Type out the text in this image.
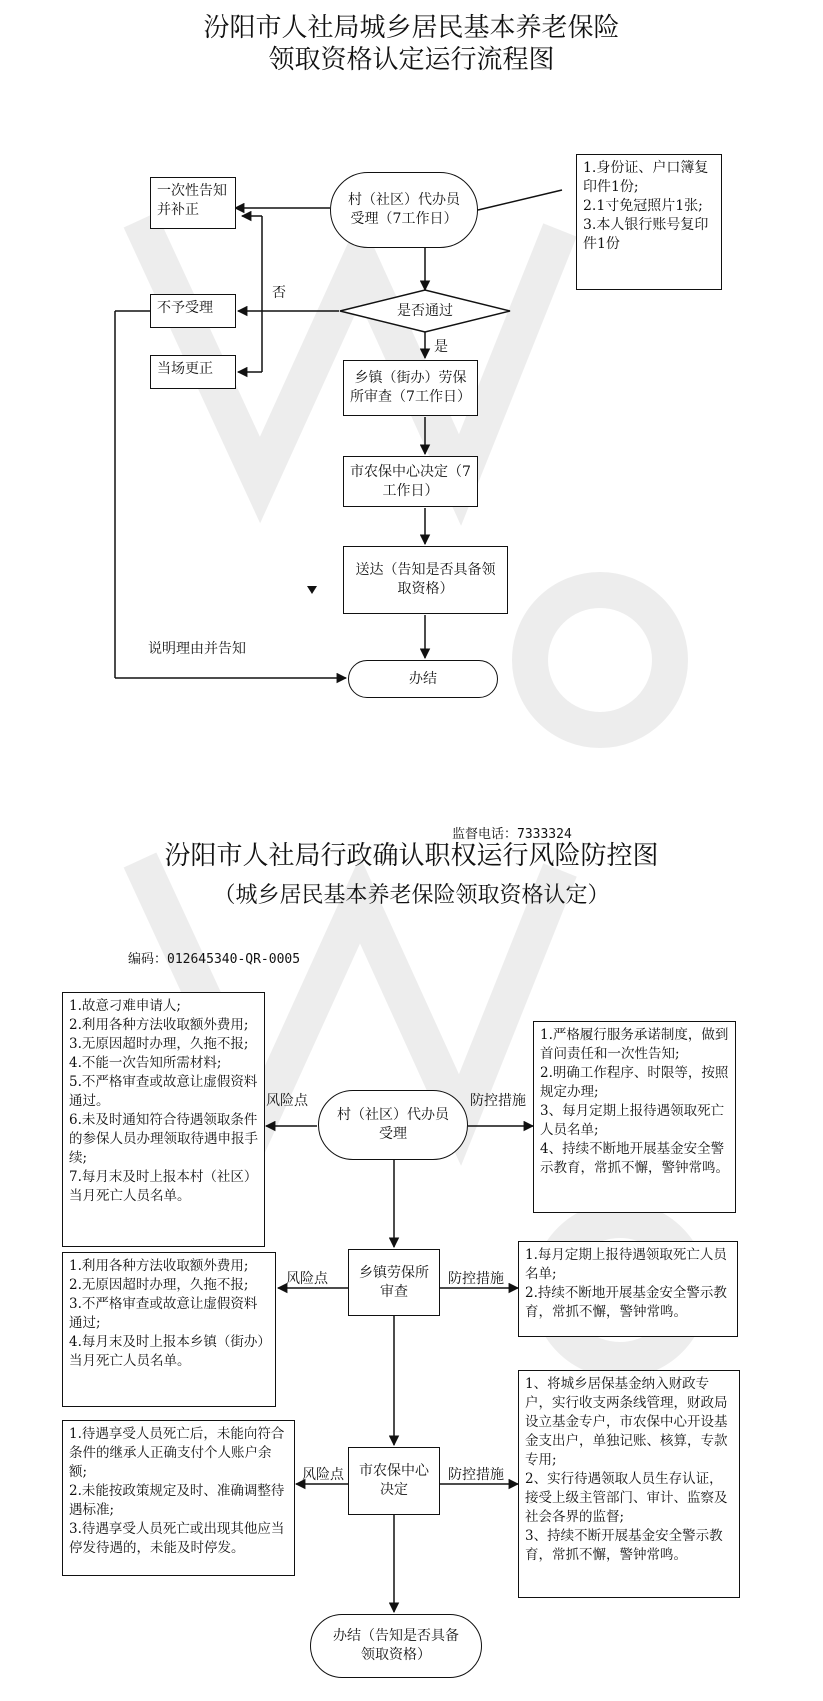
汾阳市人社局城乡居民基本养老保险
领取资格认定运行流程图
一次性告知并补正
村（社区）代办员受理（7工作日）
1.身份证、户口簿复印件1份;
2.1寸免冠照片1张;
3.本人银行账号复印件1份
是否通过
否
是
不予受理
当场更正
乡镇（街办）劳保所审查（7工作日）
市农保中心决定（7工作日）
送达（告知是否具备领取资格）
说明理由并告知
办结
监督电话：7333324
汾阳市人社局行政确认职权运行风险防控图
（城乡居民基本养老保险领取资格认定）
编码：012645340-QR-0005
1.故意刁难申请人;
2.利用各种方法收取额外费用;
3.无原因超时办理，久拖不报;
4.不能一次告知所需材料;
5.不严格审查或故意让虚假资料通过。
6.未及时通知符合待遇领取条件的参保人员办理领取待遇申报手续;
7.每月末及时上报本村（社区）当月死亡人员名单。
风险点
村（社区）代办员受理
防控措施
1.严格履行服务承诺制度，做到首问责任和一次性告知;
2.明确工作程序、时限等，按照规定办理;
3、每月定期上报待遇领取死亡人员名单;
4、持续不断地开展基金安全警示教育，常抓不懈，警钟常鸣。
1.利用各种方法收取额外费用;
2.无原因超时办理，久拖不报;
3.不严格审查或故意让虚假资料通过;
4.每月末及时上报本乡镇（街办）当月死亡人员名单。
风险点	乡镇劳保所审查
防控措施
1.每月定期上报待遇领取死亡人员名单;
2.持续不断地开展基金安全警示教育，常抓不懈，警钟常鸣。
1.待遇享受人员死亡后，未能向符合条件的继承人正确支付个人账户余额;
2.未能按政策规定及时、准确调整待遇标准;
3.待遇享受人员死亡或出现其他应当停发待遇的，未能及时停发。
风险点	市农保中心决定
防控措施
1、将城乡居保基金纳入财政专户，实行收支两条线管理，财政局设立基金专户，市农保中心开设基金支出户，单独记账、核算，专款专用;
2、实行待遇领取人员生存认证，接受上级主管部门、审计、监察及社会各界的监督;
3、持续不断开展基金安全警示教育，常抓不懈，警钟常鸣。
办结（告知是否具备领取资格）
